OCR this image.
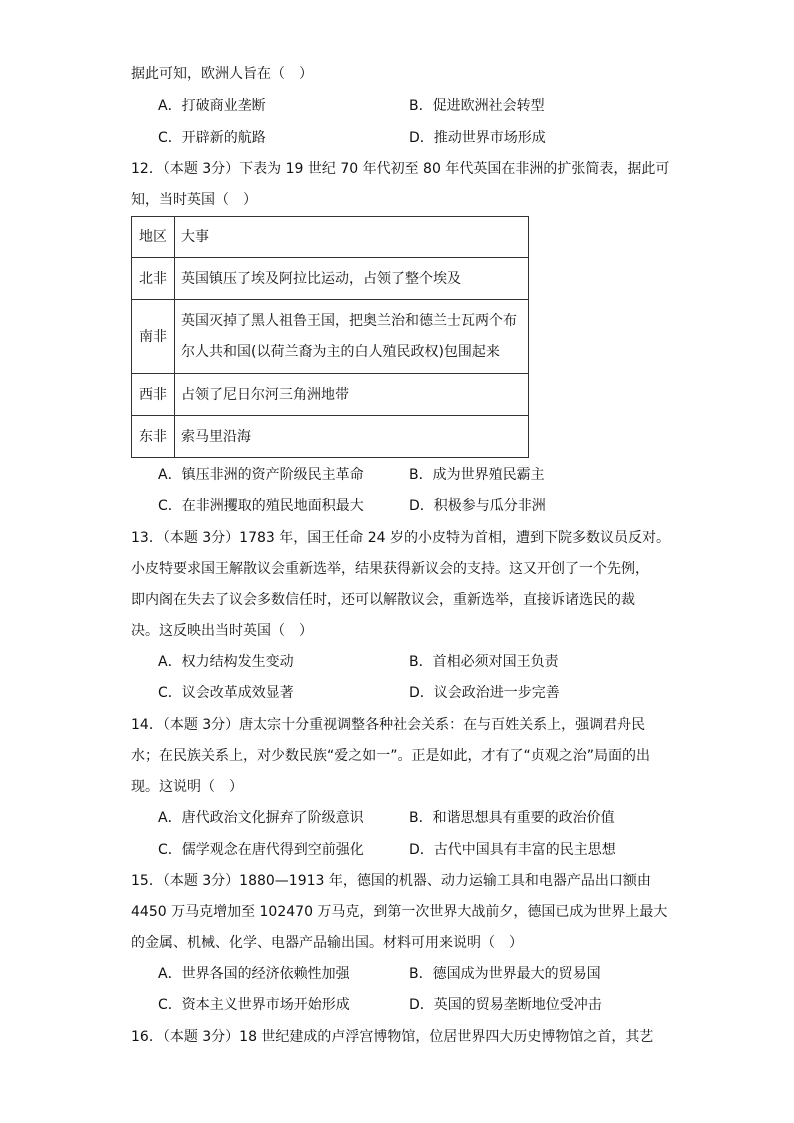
据此可知，欧洲人旨在（　）
A．打破商业垄断	B．促进欧洲社会转型
C．开辟新的航路	D．推动世界市场形成
12．（本题 3分）下表为 19 世纪 70 年代初至 80 年代英国在非洲的扩张简表，据此可
知，当时英国（　）
地区	大事
北非	英国镇压了埃及阿拉比运动，占领了整个埃及
南非	英国灭掉了黑人祖鲁王国，把奥兰治和德兰士瓦两个布
尔人共和国(以荷兰裔为主的白人殖民政权)包围起来

西非	占领了尼日尔河三角洲地带
东非	索马里沿海
A．镇压非洲的资产阶级民主革命	B．成为世界殖民霸主
C．在非洲攫取的殖民地面积最大	D．积极参与瓜分非洲
13．（本题 3分）1783 年，国王任命 24 岁的小皮特为首相，遭到下院多数议员反对。
小皮特要求国王解散议会重新选举，结果获得新议会的支持。这又开创了一个先例，
即内阁在失去了议会多数信任时，还可以解散议会，重新选举，直接诉诸选民的裁
决。这反映出当时英国（　）
A．权力结构发生变动	B．首相必须对国王负责
C．议会改革成效显著	D．议会政治进一步完善
14．（本题 3分）唐太宗十分重视调整各种社会关系：在与百姓关系上，强调君舟民
水；在民族关系上，对少数民族“爱之如一”。正是如此，才有了“贞观之治”局面的出
现。这说明（　）
A．唐代政治文化摒弃了阶级意识	B．和谐思想具有重要的政治价值
C．儒学观念在唐代得到空前强化	D．古代中国具有丰富的民主思想
15．（本题 3分）1880—1913 年，德国的机器、动力运输工具和电器产品出口额由
4450 万马克增加至 102470 万马克，到第一次世界大战前夕，德国已成为世界上最大
的金属、机械、化学、电器产品输出国。材料可用来说明（　）
A．世界各国的经济依赖性加强	B．德国成为世界最大的贸易国
C．资本主义世界市场开始形成	D．英国的贸易垄断地位受冲击
16．（本题 3分）18 世纪建成的卢浮宫博物馆，位居世界四大历史博物馆之首，其艺
